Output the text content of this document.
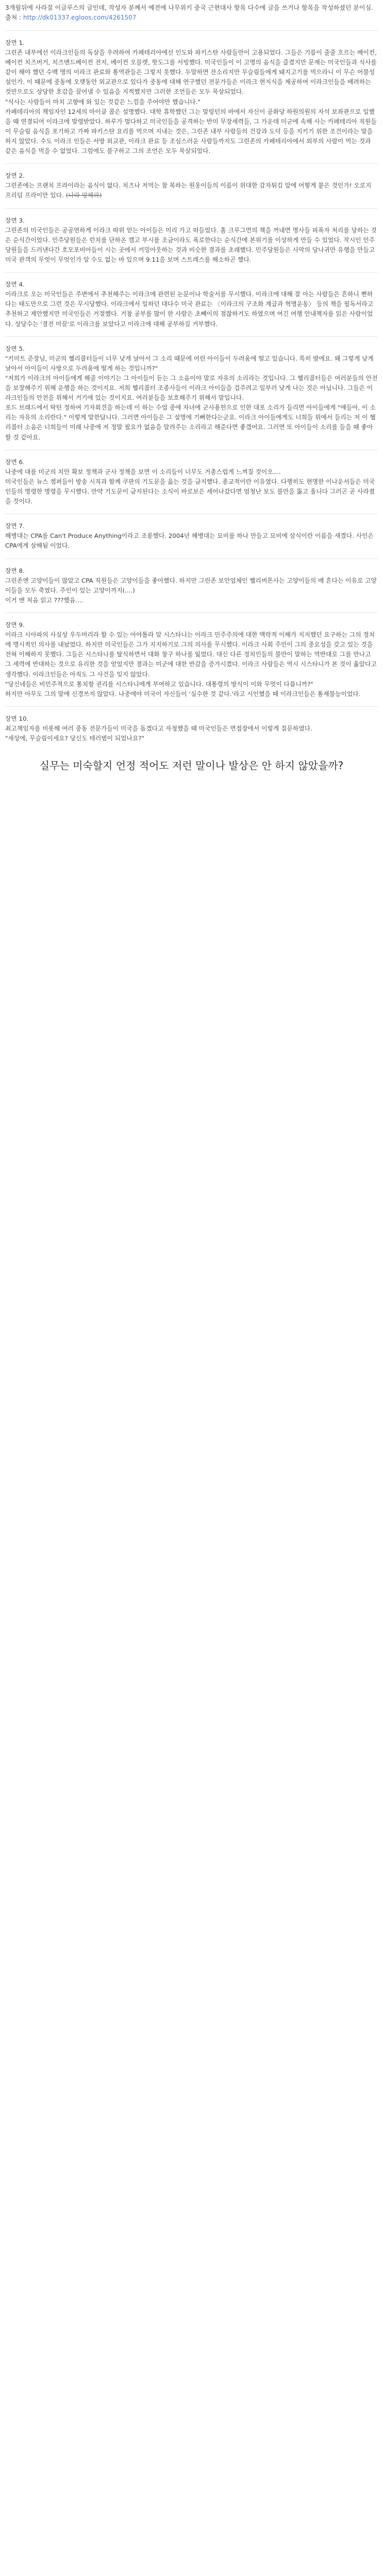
3개월뒤에 사라질 이글루스의 글인데, 작성자 분께서 예전에 나무위키 중국 근현대사 항목 다수에 글을 쓰거나 항목을 작성하셨던 분이심.

출처 : http://dk01337.egloos.com/4261507

장면 1.

그린존 내부에선 이라크인들의 독살을 우려하여 카페테리아에선 인도와 파키스탄 사람들만이 고용되었다. 그들은 기름이 줄줄 흐르는 베이컨, 베이컨 치즈버거, 치즈앤드베이컨 전지, 베이컨 오믈렛, 핫도그를 서빙했다. 미국인들이 이 고명의 음식을 즐겼지만 문제는 미국인들과 식사를 같이 해야 했던 수백 명의 이라크 관료와 통역관들은 그렇지 못했다. 두말하면 잔소리지만 무슬림들에게 돼지고기를 먹으라니 이 무슨 어불성설인가. 이 때문에 중동에 오랫동안 외교관으로 있다가 중동에 대해 연구했던 전문가들은 이라크 현지식을 제공하여 이라크인들을 배려하는 것만으로도 상당한 호감을 끌어낼 수 있음을 지적했지만 그러한 조언들은 모두 묵살되었다.

"식사는 사람들이 마치 고향에 와 있는 것같은 느낌을 주어야만 했습니다."

카페테리아의 책임자인 12세의 마이클 콥은 설명했다. 대학 휴학했던 그는 말링턴의 바에서 자신이 공화당 하원의원의 자석 보좌관으로 일했을 때 연결되어 이라크에 발령받았다. 하루가 멀다하고 미국인들을 공격하는 반미 무장세력들, 그 가운데 미군에 속해 사는 카페테리아 직원들이 무슬림 음식을 포기하고 가짜 파키스탄 요리를 먹으며 지내는 것은, 그린존 내부 사람들의 건강과 도덕 등을 지키기 위한 조건이라는 말을 하지 않았다. 수도 이라크 인들은 서방 외교관, 이라크 관료 등 조심스러운 사람들까지도 그린존의 카페테리아에서 외부의 사람이 먹는 것과 같은 음식을 먹을 수 없었다. 그럼에도 불구하고 그의 조언은 모두 묵살되었다.

장면 2.

그린존에는 프랜치 프라이라는 음식이 없다. 치즈나 저먹는 참 복하는 원웅이들의 이름이 위대한 감자튀김 앞에 어떻게 붙은 것인가! 오로지 프리덤 프라이만 있다. (나라 망해라)

장면 3.

그린존의 미국인들은 공공연하게 이라크 따위 얻는 아이들은 미리 가고 떠들었다. 홈 크루그먼의 책을 꺼내면 명사들 피폭자 처리를 당하는 것은 순식간이었다. 민주당원들은 런치를 단하온 캠고 부시를 조금이라도 폭로한다는 순식간에 본위기를 이상하게 만들 수 있었다. 작시인 민주당원들을 드러낸다간 호모포비아들이 시는 곳에서 커밍아웃하는 것과 비슷한 결과를 초래했다. 민주당원들은 사막의 당나귀만 유행을 만들고 미국 관객의 무엇이 무엇인가 알 수도 없는 바 있으며 9.11을 보며 스트레스를 해소하곤 했다.

장면 4.

이라크로 오는 미국인들은 주변에서 추천해주는 이라크에 관련된 논문이나 학술서를 무시했다. 이라크에 대해 잘 아는 사람들은 흔하니 뻔하다는 태도만으로 그런 것은 무시당했다. 이라크에서 일하던 대다수 미국 관료는 〈이라크의 구조화 계급과 혁명운동〉 등의 책을 필독서라고 추천하고 제안했지만 미국인들은 거절했다. 거창 공부를 많이 한 사람은 초빼이의 점잖하거도 하였으며 여긴 여행 안내책자를 읽은 사람이었다. 상당수는 '결전 미끌'로 이라크를 보았다고 이라크에 대해 공부하길 거부했다.

장면 5.

"키미트 준장님, 미군의 헬리콥터들이 너무 낮게 날아서 그 소리 때문에 어린 아이들이 두려움에 떨고 있습니다. 특히 밤에요. 왜 그렇게 낮게 날아서 아이들이 사방으로 두려움에 떨게 하는 것입니까?"

"저희가 이라크의 아이들에게 해줄 이야기는 그 아이들이 듣는 그 소음이야 말로 자유의 소리라는 것입니다. 그 헬리콥터들은 여러분들의 안전을 보장해주기 위해 운행을 하는 것이지요. 저희 헬리콥터 조종사들이 이라크 아이들을 겁주려고 일부러 낮게 나는 것은 아닙니다. 그들은 이라크인들의 안전을 위해서 거기에 있는 것이지요. 여러분들을 보호해주기 위해서 말입니다.

포드 브래드에서 탁틴 정하여 기자회견을 하는데 이 하는 수업 중에 자녀에 군사용헌으로 인한 대포 소리가 들리면 아이들에게 "얘들아, 이 소리는 자유의 소리란다." 이렇게 말한답니다. 그러면 아이들은 그 설명에 기뻐한다는군요. 이라크 아이들에게도 너희들 위에서 들리는 저 이 헬리콥터 소음은 너희들이 미래 나중에 저 정말 필요가 없음을 알려주는 소리라고 해준다면 좋겠어요. 그러면 또 아이들이 소리를 들을 때 좋아할 것 같아요.

장면 6.

나중에 대를 미군의 치안 확보 정책과 군사 정책을 보면 이 소리들이 너무도 거총스럽게 느껴질 것이오....

미국인들은 뉴스 켐퍼들이 방송 시직과 함께 쿠판의 기도문을 읊는 것을 금지했다. 종교적이란 이유였다. 다행히도 현명한 이나운서들은 미국인들의 명령한 명령을 무시했다. 만약 기도문이 금지된다는 소식이 바로보은 세어나갔다면 엄청난 보도 불만을 뚫고 옵니다 그러곤 곧 사라졌을 것이다.

장면 7.

해병대는 CPA를 Can't Produce Anything이라고 조롱했다. 2004년 해병대는 묘비를 하나 만들고 묘비에 삼식이란 이름을 새겼다. 사인은 CPA에게 살해됨 이었다.

장면 8.

그린존엔 고양이들이 많았고 CPA 직원들은 고양이들을 좋아했다. 하지만 그린존 보안업체인 헬리버톤사는 고양이들의 배 흔다는 이유로 고양이들을 모두 축였다. 주인이 있는 고양이까지(....)

이거 맨 처음 읽고 ???했음....

장면 9.

이라크 시아파의 사실상 우두머리라 할 수 있는 아야톨라 알 시스타니는 이라크 민주주의에 대한 맥락적 이해가 지지했던 요구하는 그의 정치에 명시적인 의사를 내놨었다. 하지만 미국인들은 그가 지지하기로 그의 의사를 무시했다. 이라크 사회 주민이 그의 중요성을 갖고 있는 것을 전혀 이해하지 못했다. 그들은 시스타니를 탈식하면서 대화 창구 하나를 잃었다. 대신 다른 정치인들의 불만이 말하는 역반대로 그를 만나고 그 세력에 반대하는 것으로 유리한 것을 얻었지만 결과는 미군에 대한 반감을 증가시켰다. 이라크 사람들은 역시 시스타니가 본 것이 옳았다고 생각했다. 이라크인들은 아직도 그 사건을 잊지 않았다.

"당신네들은 비민주적으로 통치할 권리를 시스타니에게 부여하고 있습니다. 대통령의 방식이 이와 무엇이 다릅니까?"

하지만 아무도 그의 말에 신경쓰지 않았다. 나중에야 미국이 자신들이 '실수한 것 같다.'라고 시인했을 때 이라크인들은 통제불능이었다.

장면 10.

최고책임자를 비롯해 여러 중동 전문가들이 미국을 돕겠다고 자청했을 때 미국인들은 면접장에서 이렇게 질문하였다.

"세상에, 무슬림이세요? 당신도 테러범이 되었나요?"

실무는 미숙할지 언정 적어도 저런 말이나 발상은 안 하지 않았을까?
